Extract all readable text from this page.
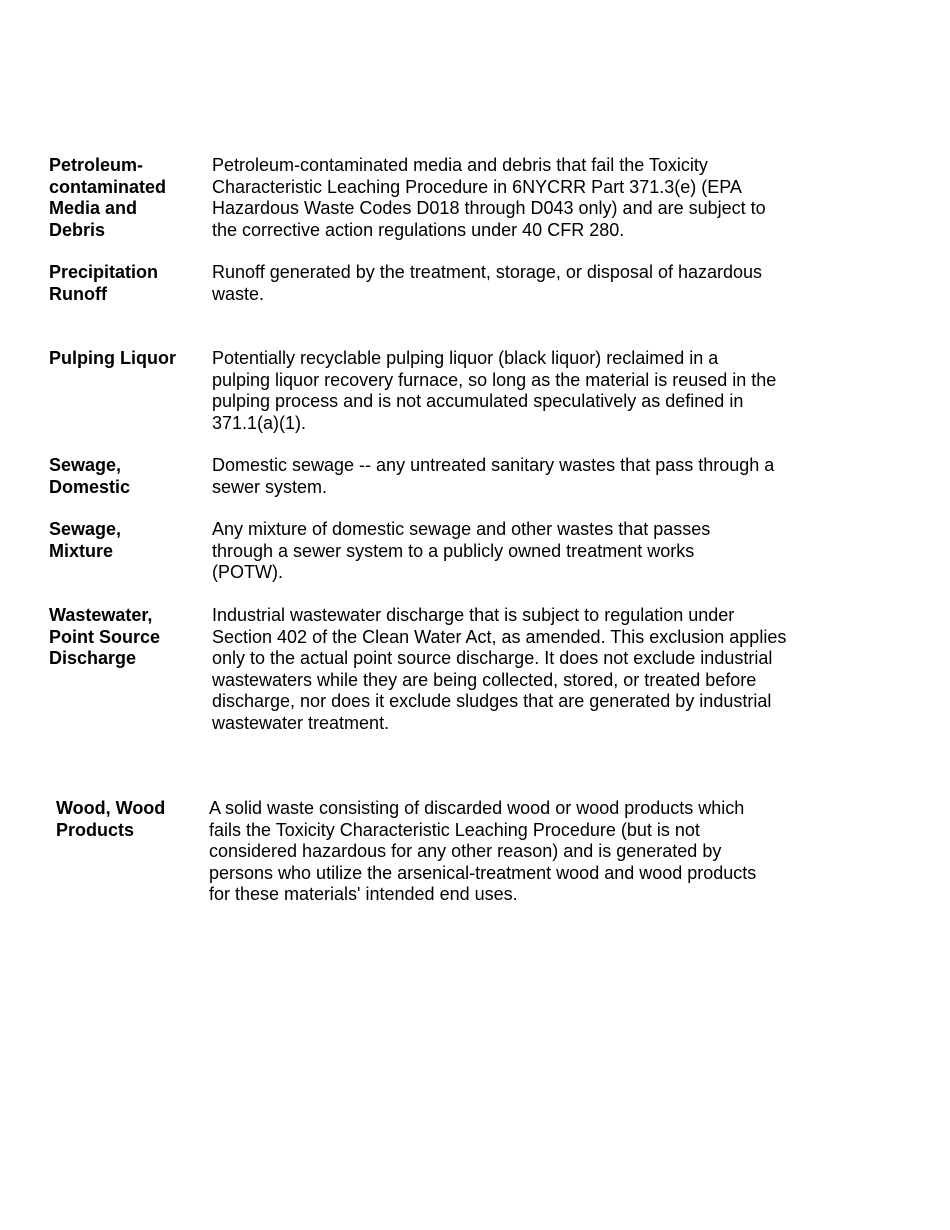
Petroleum-contaminated Media and Debris
Petroleum-contaminated media and debris that fail the Toxicity Characteristic Leaching Procedure in 6NYCRR Part 371.3(e) (EPA Hazardous Waste Codes D018 through D043 only) and are subject to the corrective action regulations under 40 CFR 280.
Precipitation Runoff
Runoff generated by the treatment, storage, or disposal of hazardous waste.
Pulping Liquor	Potentially recyclable pulping liquor (black liquor) reclaimed in a pulping liquor recovery furnace, so long as the material is reused in the pulping process and is not accumulated speculatively as defined in 371.1(a)(1).
Sewage, Domestic
Domestic sewage -- any untreated sanitary wastes that pass through a sewer system.
Sewage, Mixture
Any mixture of domestic sewage and other wastes that passes through a sewer system to a publicly owned treatment works (POTW).
Wastewater, Point Source Discharge
Industrial wastewater discharge that is subject to regulation under Section 402 of the Clean Water Act, as amended. This exclusion applies only to the actual point source discharge. It does not exclude industrial wastewaters while they are being collected, stored, or treated before discharge, nor does it exclude sludges that are generated by industrial wastewater treatment.
Wood, Wood Products
A solid waste consisting of discarded wood or wood products which fails the Toxicity Characteristic Leaching Procedure (but is not considered hazardous for any other reason) and is generated by persons who utilize the arsenical-treatment wood and wood products for these materials' intended end uses.
